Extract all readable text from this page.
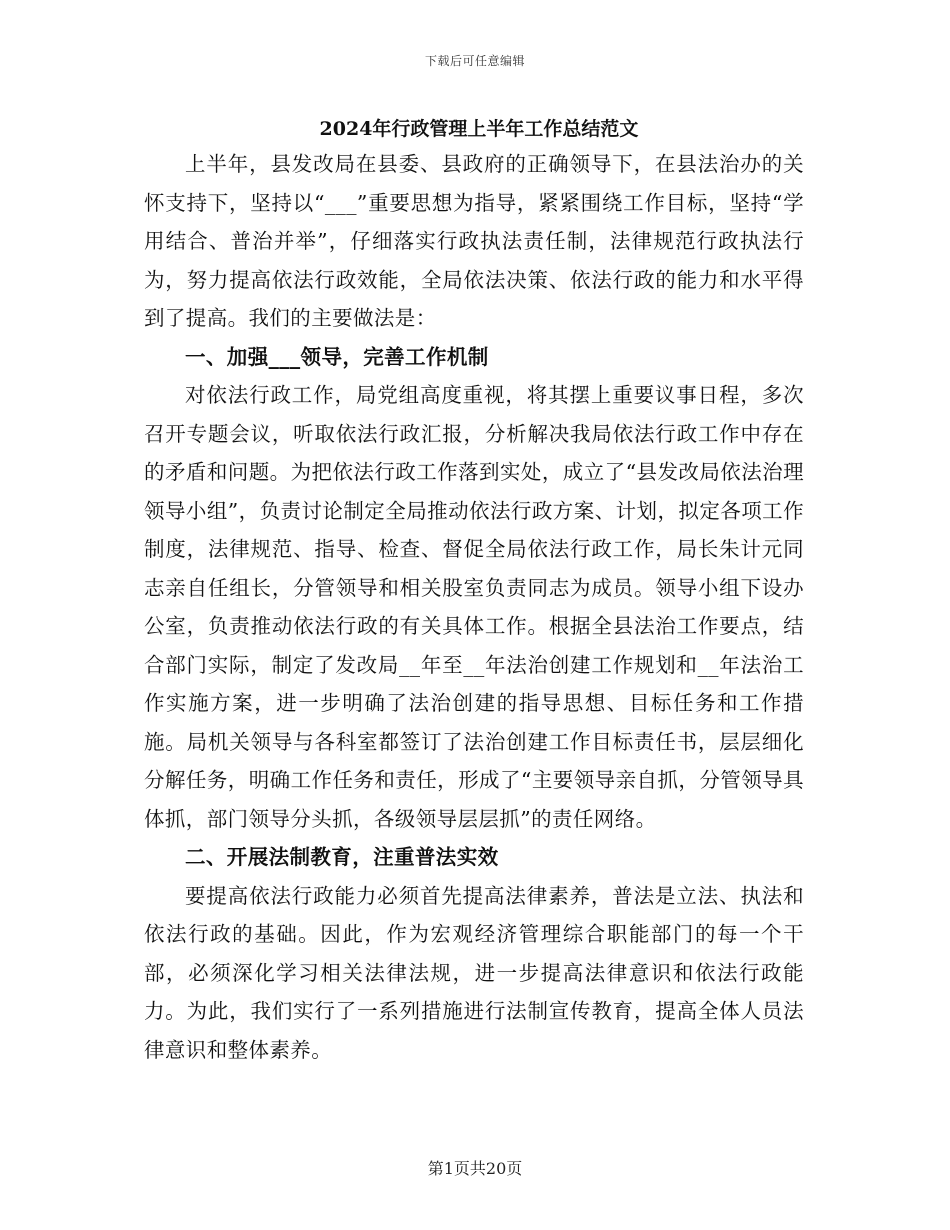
下载后可任意编辑
2024年行政管理上半年工作总结范文

上半年，县发改局在县委、县政府的正确领导下，在县法治办的关怀支持下，坚持以“___”重要思想为指导，紧紧围绕工作目标，坚持“学用结合、普治并举”，仔细落实行政执法责任制，法律规范行政执法行为，努力提高依法行政效能，全局依法决策、依法行政的能力和水平得到了提高。我们的主要做法是：

一、加强___领导，完善工作机制

对依法行政工作，局党组高度重视，将其摆上重要议事日程，多次召开专题会议，听取依法行政汇报，分析解决我局依法行政工作中存在的矛盾和问题。为把依法行政工作落到实处，成立了“县发改局依法治理领导小组”，负责讨论制定全局推动依法行政方案、计划，拟定各项工作制度，法律规范、指导、检查、督促全局依法行政工作，局长朱计元同志亲自任组长，分管领导和相关股室负责同志为成员。领导小组下设办公室，负责推动依法行政的有关具体工作。根据全县法治工作要点，结合部门实际，制定了发改局__年至__年法治创建工作规划和__年法治工作实施方案，进一步明确了法治创建的指导思想、目标任务和工作措施。局机关领导与各科室都签订了法治创建工作目标责任书，层层细化分解任务，明确工作任务和责任，形成了“主要领导亲自抓，分管领导具体抓，部门领导分头抓，各级领导层层抓”的责任网络。

二、开展法制教育，注重普法实效

要提高依法行政能力必须首先提高法律素养，普法是立法、执法和依法行政的基础。因此，作为宏观经济管理综合职能部门的每一个干部，必须深化学习相关法律法规，进一步提高法律意识和依法行政能力。为此，我们实行了一系列措施进行法制宣传教育，提高全体人员法律意识和整体素养。

第1页共20页
